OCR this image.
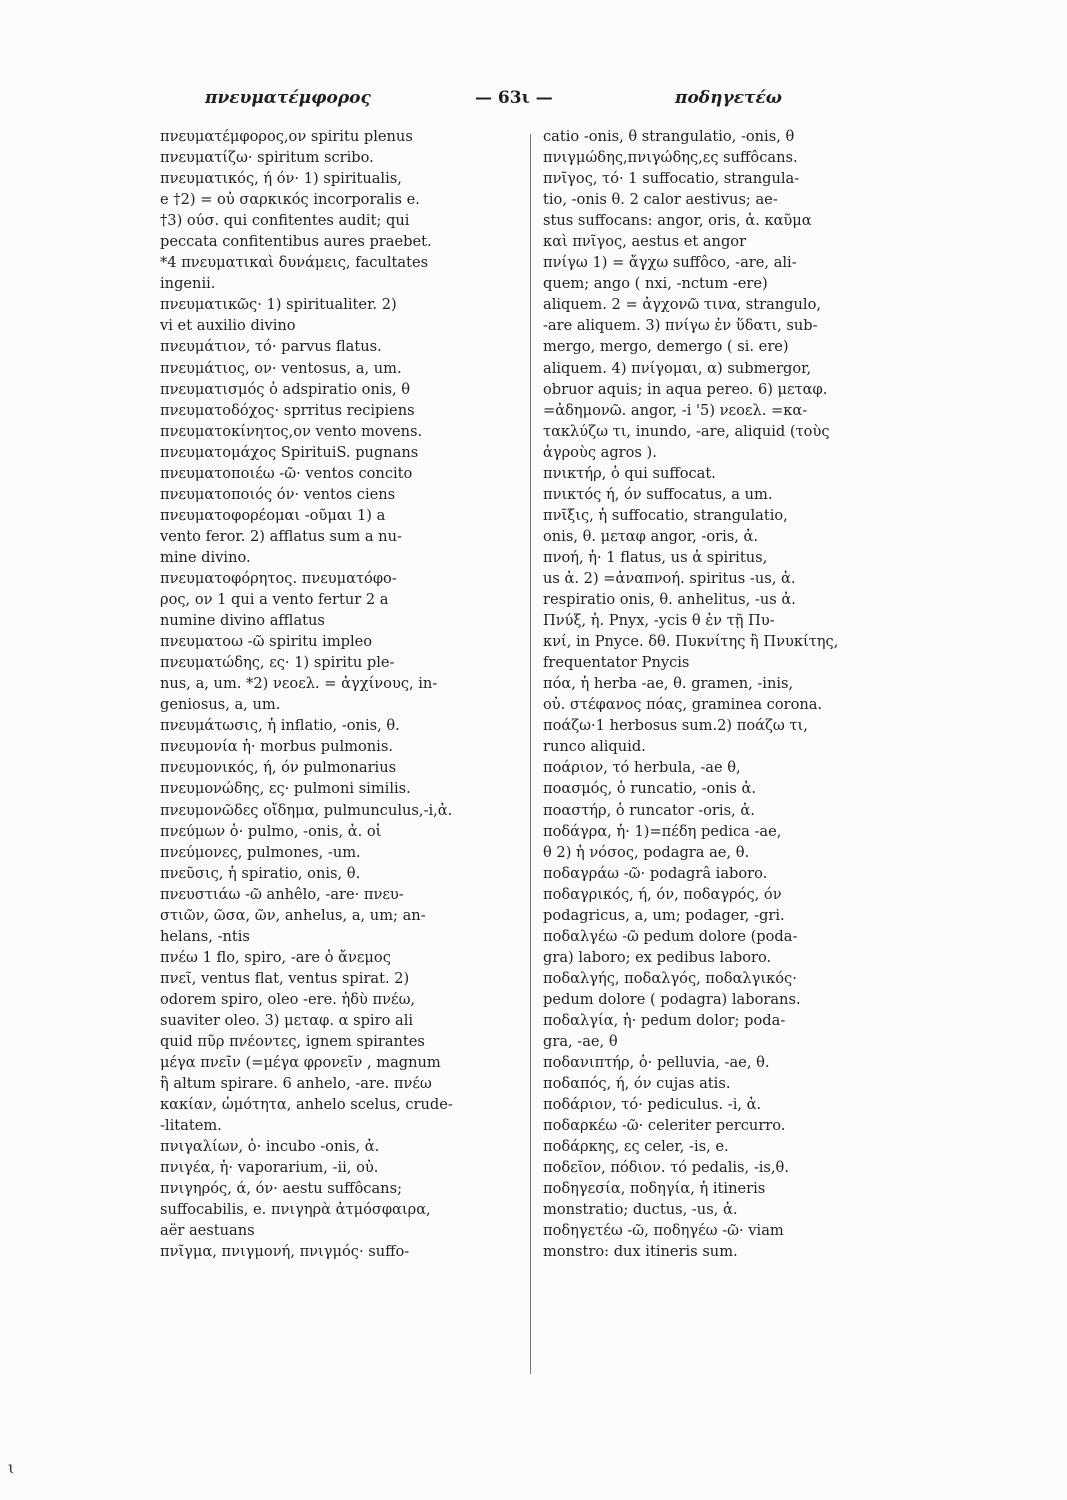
πνευματέμφορος	— 63ι —	ποδηγετέω
πνευματέμφορος,ον spiritu plenus
πνευματίζω· spiritum scribo.
πνευματικός, ή όν· 1) spiritualis,
e †2) = οὐ σαρκικός incorporalis e.
†3) ούσ. qui confitentes audit; qui
peccata confitentibus aures praebet.
*4 πνευματικαὶ δυνάμεις, facultates
ingenii.
πνευματικῶς· 1) spiritualiter. 2)
vi et auxilio divino
πνευμάτιον, τό· parvus flatus.
πνευμάτιος, ον· ventosus, a, um.
πνευματισμός ὁ adspiratio onis, θ
πνευματοδόχος· sprritus recipiens
πνευματοκίνητος,ον vento movens.
πνευματομάχος SpirituiS. pugnans
πνευματοποιέω -ῶ· ventos concito
πνευματοποιός όν· ventos ciens
πνευματοφορέομαι -οῦμαι 1) a
vento feror. 2) afflatus sum a nu-
mine divino.
πνευματοφόρητος. πνευματόφο-
ρος, ον 1 qui a vento fertur 2 a
numine divino afflatus
πνευματοω -ῶ spiritu impleo
πνευματώδης, ες· 1) spiritu ple-
nus, a, um. *2) νεοελ. = ἀγχίνους, in-
geniosus, a, um.
πνευμάτωσις, ἡ inflatio, -onis, θ.
πνευμονία ἡ· morbus pulmonis.
πνευμονικός, ή, όν pulmonarius
πνευμονώδης, ες· pulmoni similis.
πνευμονῶδες οἴδημα, pulmunculus,-i,ἀ.
πνεύμων ὁ· pulmo, -onis, ἀ. οἱ
πνεύμονες, pulmones, -um.
πνεῦσις, ἡ spiratio, onis, θ.
πνευστιάω -ῶ anhêlo, -are· πνευ-
στιῶν, ῶσα, ῶν, anhelus, a, um; an-
helans, -ntis
πνέω 1 flo, spiro, -are ὁ ἄνεμος
πνεῖ, ventus flat, ventus spirat. 2)
odorem spiro, oleo -ere. ἡδὺ πνέω,
suaviter oleo. 3) μεταφ. α spiro ali
quid πῦρ πνέοντες, ignem spirantes
μέγα πνεῖν (=μέγα φρονεῖν , magnum
ἢ altum spirare. 6 anhelo, -are. πνέω
κακίαν, ὠμότητα, anhelo scelus, crude-
-litatem.
πνιγαλίων, ὁ· incubo -onis, ἀ.
πνιγέα, ἡ· vaporarium, -ii, οὐ.
πνιγηρός, ά, όν· aestu suffôcans;
suffocabilis, e. πνιγηρὰ ἀτμόσφαιρα,
aër aestuans
πνῖγμα, πνιγμονή, πνιγμός· suffo-
catio -onis, θ strangulatio, -onis, θ
πνιγμώδης,πνιγώδης,ες suffôcans.
πνῖγος, τό· 1 suffocatio, strangula-
tio, -onis θ. 2 calor aestivus; ae-
stus suffocans: angor, oris, ἀ. καῦμα
καὶ πνῖγος, aestus et angor
πνίγω 1) = ἄγχω suffôco, -are, ali-
quem; ango ( nxi, -nctum -ere)
aliquem. 2 = ἀγχονῶ τινα, strangulo,
-are aliquem. 3) πνίγω ἐν ὕδατι, sub-
mergo, mergo, demergo ( si. ere)
aliquem. 4) πνίγομαι, α) submergor,
obruor aquis; in aqua pereo. 6) μεταφ.
=ἀδημονῶ. angor, -i '5) νεοελ. =κα-
τακλύζω τι, inundo, -are, aliquid (τοὺς
ἀγροὺς agros ).
πνικτήρ, ὁ qui suffocat.
πνικτός ή, όν suffocatus, a um.
πνῖξις, ἡ suffocatio, strangulatio,
onis, θ. μεταφ angor, -oris, ἀ.
πνοή, ἡ· 1 flatus, us ἀ spiritus,
us ἀ. 2) =ἀναπνοή. spiritus -us, ἀ.
respiratio onis, θ. anhelitus, -us ἀ.
Πνύξ, ἡ. Pnyx, -ycis θ ἐν τῇ Πυ-
κνί, in Pnyce. δθ. Πυκνίτης ἢ Πνυκίτης,
frequentator Pnycis
πόα, ἡ herba -ae, θ. gramen, -inis,
οὐ. στέφανος πόας, graminea corona.
ποάζω·1 herbosus sum.2) ποάζω τι,
runco aliquid.
ποάριον, τό herbula, -ae θ,
ποασμός, ὁ runcatio, -onis ἀ.
ποαστήρ, ὁ runcator -oris, ἀ.
ποδάγρα, ἡ· 1)=πέδη pedica -ae,
θ 2) ἡ νόσος, podagra ae, θ.
ποδαγράω -ῶ· podagrâ iaboro.
ποδαγρικός, ή, όν, ποδαγρός, όν
podagricus, a, um; podager, -gri.
ποδαλγέω -ῶ pedum dolore (poda-
gra) laboro; ex pedibus laboro.
ποδαλγής, ποδαλγός, ποδαλγικός·
pedum dolore ( podagra) laborans.
ποδαλγία, ἡ· pedum dolor; poda-
gra, -ae, θ
ποδανιπτήρ, ὁ· pelluvia, -ae, θ.
ποδαπός, ή, όν cujas atis.
ποδάριον, τό· pediculus. -i, ἀ.
ποδαρκέω -ῶ· celeriter percurro.
ποδάρκης, ες celer, -is, e.
ποδεῖον, πόδιον. τό pedalis, -is,θ.
ποδηγεσία, ποδηγία, ἡ itineris
monstratio; ductus, -us, ἀ.
ποδηγετέω -ῶ, ποδηγέω -ῶ· viam
monstro: dux itineris sum.
ɩ
